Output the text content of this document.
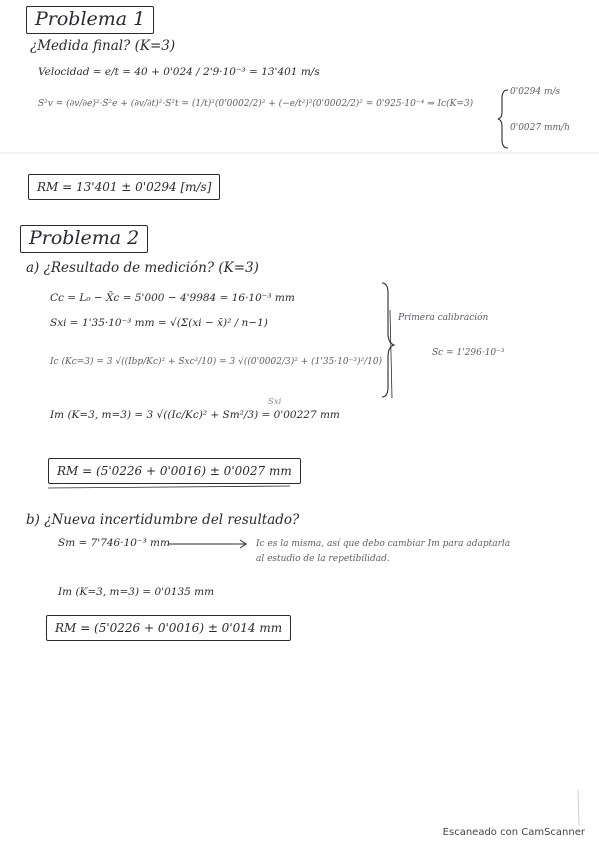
Problema 1
¿Medida final? (K=3)
Velocidad = e/t = 40 + 0'024 / 2'9·10⁻³ = 13'401 m/s
S²v = (∂v/∂e)²·S²e + (∂v/∂t)²·S²t = (1/t)²(0'0002/2)² + (−e/t²)²(0'0002/2)² = 0'925·10⁻⁴ ⇒ Ic(K=3)
0'0294 m/s
0'0027 mm/h
RM = 13'401 ± 0'0294 [m/s]
Problema 2
a) ¿Resultado de medición? (K=3)
Cc = L₀ − X̄c = 5'000 − 4'9984 = 16·10⁻³ mm
Sxi = 1'35·10⁻³ mm = √(Σ(xi − x̄)² / n−1)
Ic (Kc=3) = 3 √((Ibp/Kc)² + Sxc²/10) = 3 √((0'0002/3)² + (1'35·10⁻³)²/10)
Primera calibración
Sc = 1'296·10⁻³
Sxi
Im (K=3, m=3) = 3 √((Ic/Kc)² + Sm²/3) = 0'00227 mm
RM = (5'0226 + 0'0016) ± 0'0027 mm
b) ¿Nueva incertidumbre del resultado?
Sm = 7'746·10⁻³ mm	Ic es la misma, así que debo cambiar Im para adaptarla
al estudio de la repetibilidad.
Im (K=3, m=3) = 0'0135 mm
RM = (5'0226 + 0'0016) ± 0'014 mm
Escaneado con CamScanner
